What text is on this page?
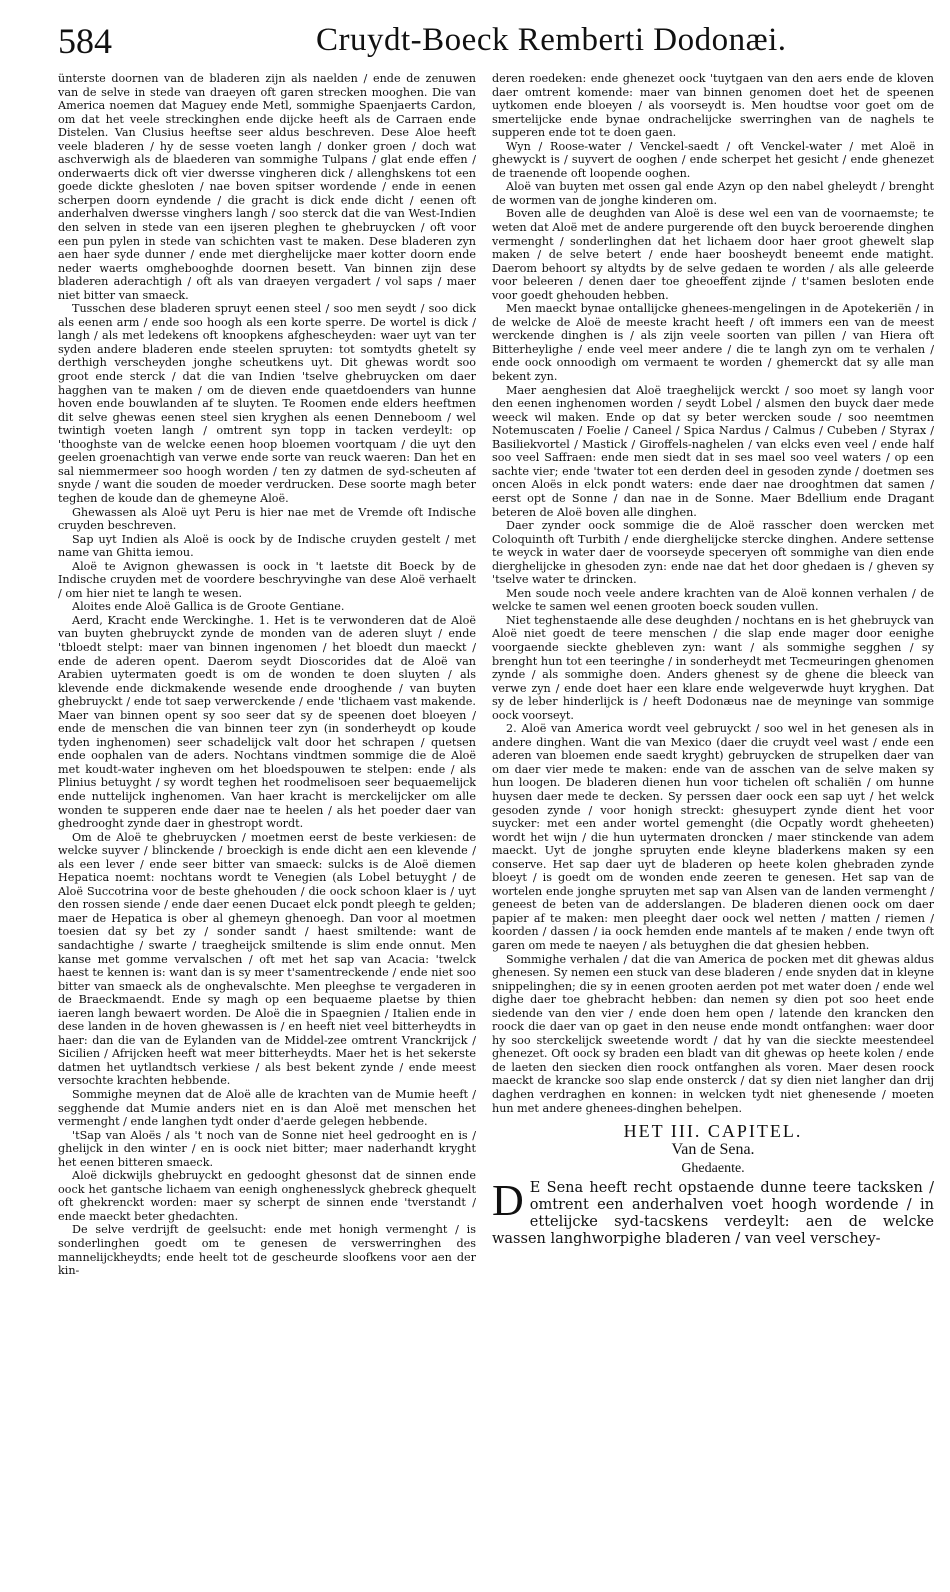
584	Cruydt-Boeck Remberti Dodonæi.

ünterste doornen van de bladeren zijn als naelden / ende de zenuwen van de selve in stede van draeyen oft garen strecken mooghen. Die van America noemen dat Maguey ende Metl, sommighe Spaenjaerts Cardon, om dat het veele streckinghen ende dijcke heeft als de Carraen ende Distelen. Van Clusius heeftse seer aldus beschreven. Dese Aloe heeft veele bladeren / hy de sesse voeten langh / donker groen / doch wat aschverwigh als de blaederen van sommighe Tulpans / glat ende effen / onderwaerts dick oft vier dwersse vingheren dick / allenghskens tot een goede dickte ghesloten / nae boven spitser wordende / ende in eenen scherpen doorn eyndende / die gracht is dick ende dicht / eenen oft anderhalven dwersse vinghers langh / soo sterck dat die van West-Indien den selven in stede van een ijseren pleghen te ghebruycken / oft voor een pun pylen in stede van schichten vast te maken. Dese bladeren zyn aen haer syde dunner / ende met dierghelijcke maer kotter doorn ende neder waerts omghebooghde doornen besett. Van binnen zijn dese bladeren aderachtigh / oft als van draeyen vergadert / vol saps / maer niet bitter van smaeck.

Tusschen dese bladeren spruyt eenen steel / soo men seydt / soo dick als eenen arm / ende soo hoogh als een korte sperre. De wortel is dick / langh / als met ledekens oft knoopkens afghescheyden: waer uyt van ter syden andere bladeren ende steelen spruyten: tot somtydts ghetelt sy derthigh verscheyden jonghe scheutkens uyt. Dit ghewas wordt soo groot ende sterck / dat die van Indien 'tselve ghebruycken om daer hagghen van te maken / om de dieven ende quaetdoenders van hunne hoven ende bouwlanden af te sluyten. Te Roomen ende elders heeftmen dit selve ghewas eenen steel sien kryghen als eenen Denneboom / wel twintigh voeten langh / omtrent syn topp in tacken verdeylt: op 'thooghste van de welcke eenen hoop bloemen voortquam / die uyt den geelen groenachtigh van verwe ende sorte van reuck waeren: Dan het en sal niemmermeer soo hoogh worden / ten zy datmen de syd-scheuten af snyde / want die souden de moeder verdrucken. Dese soorte magh beter teghen de koude dan de ghemeyne Aloë.

Ghewassen als Aloë uyt Peru is hier nae met de Vremde oft Indische cruyden beschreven.

Sap uyt Indien als Aloë is oock by de Indische cruyden gestelt / met name van Ghitta iemou.

Aloë te Avignon ghewassen is oock in 't laetste dit Boeck by de Indische cruyden met de voordere beschryvinghe van dese Aloë verhaelt / om hier niet te langh te wesen.

Aloites ende Aloë Gallica is de Groote Gentiane.

Aerd, Kracht ende Werckinghe. 1. Het is te verwonderen dat de Aloë van buyten ghebruyckt zynde de monden van de aderen sluyt / ende 'tbloedt stelpt: maer van binnen ingenomen / het bloedt dun maeckt / ende de aderen opent. Daerom seydt Dioscorides dat de Aloë van Arabien uytermaten goedt is om de wonden te doen sluyten / als klevende ende dickmakende wesende ende drooghende / van buyten ghebruyckt / ende tot saep verwerckende / ende 'tlichaem vast makende. Maer van binnen opent sy soo seer dat sy de speenen doet bloeyen / ende de menschen die van binnen teer zyn (in sonderheydt op koude tyden inghenomen) seer schadelijck valt door het schrapen / quetsen ende oophalen van de aders. Nochtans vindtmen sommige die de Aloë met koudt-water ingheven om het bloedspouwen te stelpen: ende / als Plinius betuyght / sy wordt teghen het roodmelisoen seer bequaemelijck ende nuttelijck inghenomen. Van haer kracht is merckelijcker om alle wonden te supperen ende daer nae te heelen / als het poeder daer van ghedrooght zynde daer in ghestropt wordt.

Om de Aloë te ghebruycken / moetmen eerst de beste verkiesen: de welcke suyver / blinckende / broeckigh is ende dicht aen een klevende / als een lever / ende seer bitter van smaeck: sulcks is de Aloë diemen Hepatica noemt: nochtans wordt te Venegien (als Lobel betuyght / de Aloë Succotrina voor de beste ghehouden / die oock schoon klaer is / uyt den rossen siende / ende daer eenen Ducaet elck pondt pleegh te gelden; maer de Hepatica is ober al ghemeyn ghenoegh. Dan voor al moetmen toesien dat sy bet zy / sonder sandt / haest smiltende: want de sandachtighe / swarte / traegheijck smiltende is slim ende onnut. Men kanse met gomme vervalschen / oft met het sap van Acacia: 'twelck haest te kennen is: want dan is sy meer t'samentreckende / ende niet soo bitter van smaeck als de onghevalschte. Men pleeghse te vergaderen in de Braeckmaendt. Ende sy magh op een bequaeme plaetse by thien iaeren langh bewaert worden. De Aloë die in Spaegnien / Italien ende in dese landen in de hoven ghewassen is / en heeft niet veel bitterheydts in haer: dan die van de Eylanden van de Middel-zee omtrent Vranckrijck / Sicilien / Afrijcken heeft wat meer bitterheydts. Maer het is het sekerste datmen het uytlandtsch verkiese / als best bekent zynde / ende meest versochte krachten hebbende.

Sommighe meynen dat de Aloë alle de krachten van de Mumie heeft / segghende dat Mumie anders niet en is dan Aloë met menschen het vermenght / ende langhen tydt onder d'aerde gelegen hebbende.

'tSap van Aloës / als 't noch van de Sonne niet heel gedrooght en is / ghelijck in den winter / en is oock niet bitter; maer naderhandt kryght het eenen bitteren smaeck.

Aloë dickwijls ghebruyckt en gedooght ghesonst dat de sinnen ende oock het gantsche lichaem van eenigh onghenesslyck ghebreck ghequelt oft ghekrenckt worden: maer sy scherpt de sinnen ende 'tverstandt / ende maeckt beter ghedachten.

De selve verdrijft de geelsucht: ende met honigh vermenght / is sonderlinghen goedt om te genesen de verswerringhen des mannelijckheydts; ende heelt tot de gescheurde sloofkens voor aen der kin-

deren roedeken: ende ghenezet oock 'tuytgaen van den aers ende de kloven daer omtrent komende: maer van binnen genomen doet het de speenen uytkomen ende bloeyen / als voorseydt is. Men houdtse voor goet om de smertelijcke ende bynae ondrachelijcke swerringhen van de naghels te supperen ende tot te doen gaen.

Wyn / Roose-water / Venckel-saedt / oft Venckel-water / met Aloë in ghewyckt is / suyvert de ooghen / ende scherpet het gesicht / ende ghenezet de traenende oft loopende ooghen.

Aloë van buyten met ossen gal ende Azyn op den nabel gheleydt / brenght de wormen van de jonghe kinderen om.

Boven alle de deughden van Aloë is dese wel een van de voornaemste; te weten dat Aloë met de andere purgerende oft den buyck beroerende dinghen vermenght / sonderlinghen dat het lichaem door haer groot ghewelt slap maken / de selve betert / ende haer boosheydt beneemt ende matight. Daerom behoort sy altydts by de selve gedaen te worden / als alle geleerde voor beleeren / denen daer toe gheoeffent zijnde / t'samen besloten ende voor goedt ghehouden hebben.

Men maeckt bynae ontallijcke ghenees-mengelingen in de Apotekeriën / in de welcke de Aloë de meeste kracht heeft / oft immers een van de meest werckende dinghen is / als zijn veele soorten van pillen / van Hiera oft Bitterheylighe / ende veel meer andere / die te langh zyn om te verhalen / ende oock onnoodigh om vermaent te worden / ghemerckt dat sy alle man bekent zyn.

Maer aenghesien dat Aloë traeghelijck werckt / soo moet sy langh voor den eenen inghenomen worden / seydt Lobel / alsmen den buyck daer mede weeck wil maken. Ende op dat sy beter wercken soude / soo neemtmen Notemuscaten / Foelie / Caneel / Spica Nardus / Calmus / Cubeben / Styrax / Basiliekvortel / Mastick / Giroffels-naghelen / van elcks even veel / ende half soo veel Saffraen: ende men siedt dat in ses mael soo veel waters / op een sachte vier; ende 'twater tot een derden deel in gesoden zynde / doetmen ses oncen Aloës in elck pondt waters: ende daer nae drooghtmen dat samen / eerst opt de Sonne / dan nae in de Sonne. Maer Bdellium ende Dragant beteren de Aloë boven alle dinghen.

Daer zynder oock sommige die de Aloë rasscher doen wercken met Coloquinth oft Turbith / ende dierghelijcke stercke dinghen. Andere settense te weyck in water daer de voorseyde speceryen oft sommighe van dien ende dierghelijcke in ghesoden zyn: ende nae dat het door ghedaen is / gheven sy 'tselve water te drincken.

Men soude noch veele andere krachten van de Aloë konnen verhalen / de welcke te samen wel eenen grooten boeck souden vullen.

Niet teghenstaende alle dese deughden / nochtans en is het ghebruyck van Aloë niet goedt de teere menschen / die slap ende mager door eenighe voorgaende sieckte ghebleven zyn: want / als sommighe segghen / sy brenght hun tot een teeringhe / in sonderheydt met Tecmeuringen ghenomen zynde / als sommighe doen. Anders ghenest sy de ghene die bleeck van verwe zyn / ende doet haer een klare ende welgeverwde huyt kryghen. Dat sy de leber hinderlijck is / heeft Dodonæus nae de meyninge van sommige oock voorseyt.

2. Aloë van America wordt veel gebruyckt / soo wel in het genesen als in andere dinghen. Want die van Mexico (daer die cruydt veel wast / ende een aderen van bloemen ende saedt kryght) gebruycken de strupelken daer van om daer vier mede te maken: ende van de asschen van de selve maken sy hun loogen. De bladeren dienen hun voor tichelen oft schaliën / om hunne huysen daer mede te decken. Sy perssen daer oock een sap uyt / het welck gesoden zynde / voor honigh streckt: ghesuypert zynde dient het voor suycker: met een ander wortel gemenght (die Ocpatly wordt gheheeten) wordt het wijn / die hun uytermaten droncken / maer stinckende van adem maeckt. Uyt de jonghe spruyten ende kleyne bladerkens maken sy een conserve. Het sap daer uyt de bladeren op heete kolen ghebraden zynde bloeyt / is goedt om de wonden ende zeeren te genesen. Het sap van de wortelen ende jonghe spruyten met sap van Alsen van de landen vermenght / geneest de beten van de adderslangen. De bladeren dienen oock om daer papier af te maken: men pleeght daer oock wel netten / matten / riemen / koorden / dassen / ia oock hemden ende mantels af te maken / ende twyn oft garen om mede te naeyen / als betuyghen die dat ghesien hebben.

Sommighe verhalen / dat die van America de pocken met dit ghewas aldus ghenesen. Sy nemen een stuck van dese bladeren / ende snyden dat in kleyne snippelinghen; die sy in eenen grooten aerden pot met water doen / ende wel dighe daer toe ghebracht hebben: dan nemen sy dien pot soo heet ende siedende van den vier / ende doen hem open / latende den krancken den roock die daer van op gaet in den neuse ende mondt ontfanghen: waer door hy soo sterckelijck sweetende wordt / dat hy van die sieckte meestendeel ghenezet. Oft oock sy braden een bladt van dit ghewas op heete kolen / ende de laeten den siecken dien roock ontfanghen als voren. Maer desen roock maeckt de krancke soo slap ende onsterck / dat sy dien niet langher dan drij daghen verdraghen en konnen: in welcken tydt niet ghenesende / moeten hun met andere ghenees-dinghen behelpen.

HET III. CAPITEL.
Van de Sena.
Ghedaente.
D E Sena heeft recht opstaende dunne teere tacksken / omtrent een anderhalven voet hoogh wordende / in ettelijcke syd-tacskens verdeylt: aen de welcke wassen langhworpighe bladeren / van veel verschey-
